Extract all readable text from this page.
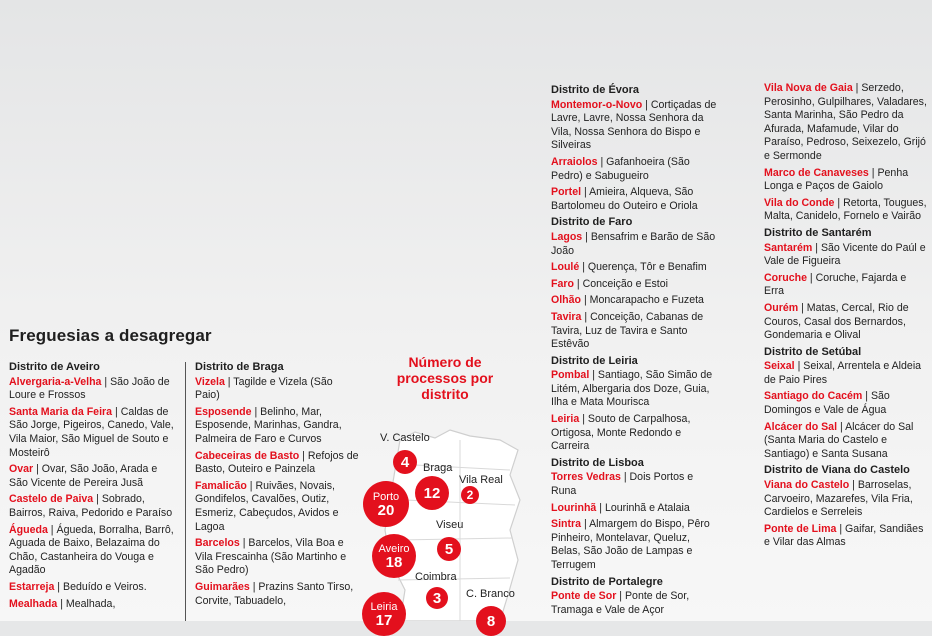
Freguesias a desagregar
Distrito de Aveiro
Alvergaria-a-Velha | São João de Loure e Frossos
Santa Maria da Feira | Caldas de São Jorge, Pigeiros, Canedo, Vale, Vila Maior, São Miguel de Souto e Mosteirô
Ovar | Ovar, São João, Arada e São Vicente de Pereira Jusã
Castelo de Paiva | Sobrado, Bairros, Raiva, Pedorido e Paraíso
Águeda | Águeda, Borralha, Barrô, Aguada de Baixo, Belazaima do Chão, Castanheira do Vouga e Agadão
Estarreja | Beduído e Veiros.
Mealhada | Mealhada,
Distrito de Braga
Vizela | Tagilde e Vizela (São Paio)
Esposende | Belinho, Mar, Esposende, Marinhas, Gandra, Palmeira de Faro e Curvos
Cabeceiras de Basto | Refojos de Basto, Outeiro e Painzela
Famalicão | Ruivães, Novais, Gondifelos, Cavalões, Outiz, Esmeriz, Cabeçudos, Avidos e Lagoa
Barcelos | Barcelos, Vila Boa e Vila Frescainha (São Martinho e São Pedro)
Guimarães | Prazins Santo Tirso, Corvite, Tabuadelo,
Distrito de Évora
Montemor-o-Novo | Cortiçadas de Lavre, Lavre, Nossa Senhora da Vila, Nossa Senhora do Bispo e Silveiras
Arraiolos | Gafanhoeira (São Pedro) e Sabugueiro
Portel | Amieira, Alqueva, São Bartolomeu do Outeiro e Oriola
Distrito de Faro
Lagos | Bensafrim e Barão de São João
Loulé | Querença, Tôr e Benafim
Faro | Conceição e Estoi
Olhão | Moncarapacho e Fuzeta
Tavira | Conceição, Cabanas de Tavira, Luz de Tavira e Santo Estêvão
Distrito de Leiria
Pombal | Santiago, São Simão de Litém, Albergaria dos Doze, Guia, Ilha e Mata Mourisca
Leiria | Souto de Carpalhosa, Ortigosa, Monte Redondo e Carreira
Distrito de Lisboa
Torres Vedras | Dois Portos e Runa
Lourinhã | Lourinhã e Atalaia
Sintra | Almargem do Bispo, Pêro Pinheiro, Montelavar, Queluz, Belas, São João de Lampas e Terrugem
Distrito de Portalegre
Ponte de Sor | Ponte de Sor, Tramaga e Vale de Açor
Vila Nova de Gaia | Serzedo, Perosinho, Gulpilhares, Valadares, Santa Marinha, São Pedro da Afurada, Mafamude, Vilar do Paraíso, Pedroso, Seixezelo, Grijó e Sermonde
Marco de Canaveses | Penha Longa e Paços de Gaiolo
Vila do Conde | Retorta, Tougues, Malta, Canidelo, Fornelo e Vairão
Distrito de Santarém
Santarém | São Vicente do Paúl e Vale de Figueira
Coruche | Coruche, Fajarda e Erra
Ourém | Matas, Cercal, Rio de Couros, Casal dos Bernardos, Gondemaria e Olival
Distrito de Setúbal
Seixal | Seixal, Arrentela e Aldeia de Paio Pires
Santiago do Cacém | São Domingos e Vale de Água
Alcácer do Sal | Alcácer do Sal (Santa Maria do Castelo e Santiago) e Santa Susana
Distrito de Viana do Castelo
Viana do Castelo | Barroselas, Carvoeiro, Mazarefes, Vila Fria, Cardielos e Serreleis
Ponte de Lima | Gaifar, Sandiães e Vilar das Almas
Número de processos por distrito
V. Castelo
Braga
Vila Real
Viseu
Coimbra
C. Branco
4
12 2
Porto
20
5
Aveiro
18
3
Leiria
17	8
